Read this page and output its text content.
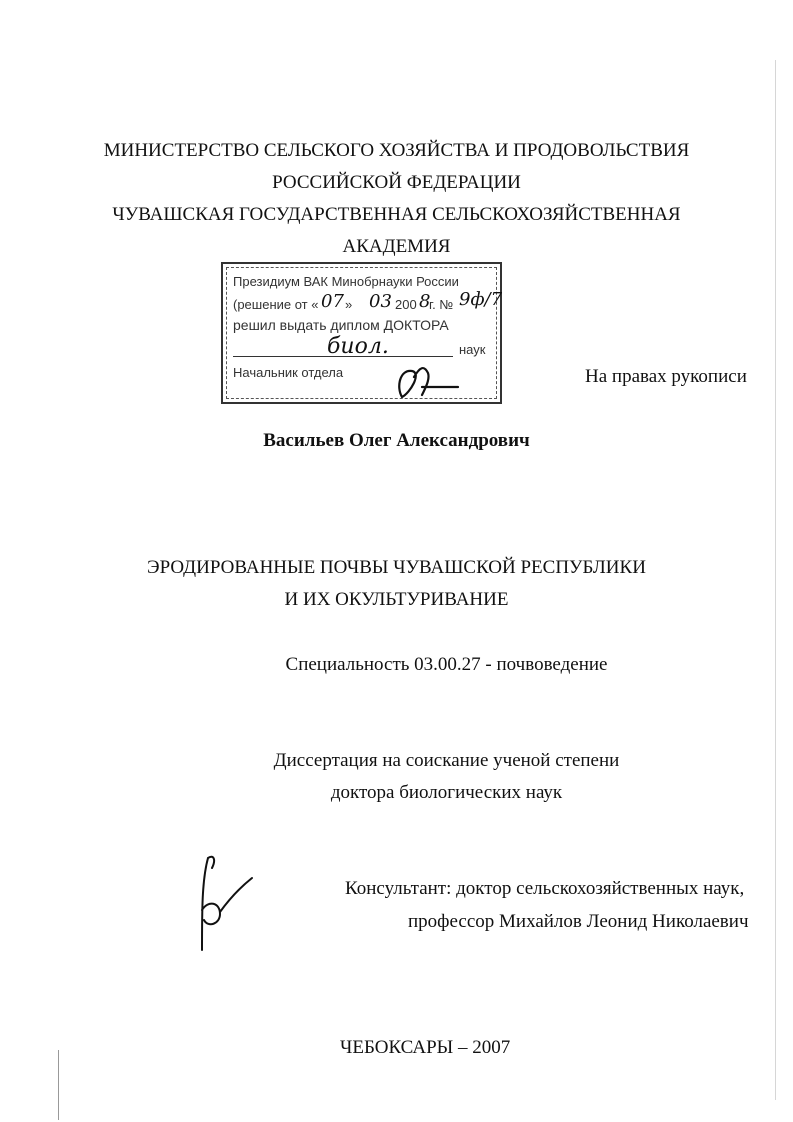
МИНИСТЕРСТВО СЕЛЬСКОГО ХОЗЯЙСТВА И ПРОДОВОЛЬСТВИЯ
РОССИЙСКОЙ ФЕДЕРАЦИИ
ЧУВАШСКАЯ ГОСУДАРСТВЕННАЯ СЕЛЬСКОХОЗЯЙСТВЕННАЯ
АКАДЕМИЯ
Президиум ВАК Минобрнауки России
(решение от « 07 » 03 200 8
г. № 9ф/7
решил выдать диплом ДОКТОРА
биол.	наук
Начальник отдела	На правах рукописи
Васильев Олег Александрович
ЭРОДИРОВАННЫЕ ПОЧВЫ ЧУВАШСКОЙ РЕСПУБЛИКИ
И ИХ ОКУЛЬТУРИВАНИЕ
Специальность 03.00.27 - почвоведение
Диссертация на соискание ученой степени
доктора биологических наук
Консультант: доктор сельскохозяйственных наук,
профессор Михайлов Леонид Николаевич
ЧЕБОКСАРЫ – 2007
